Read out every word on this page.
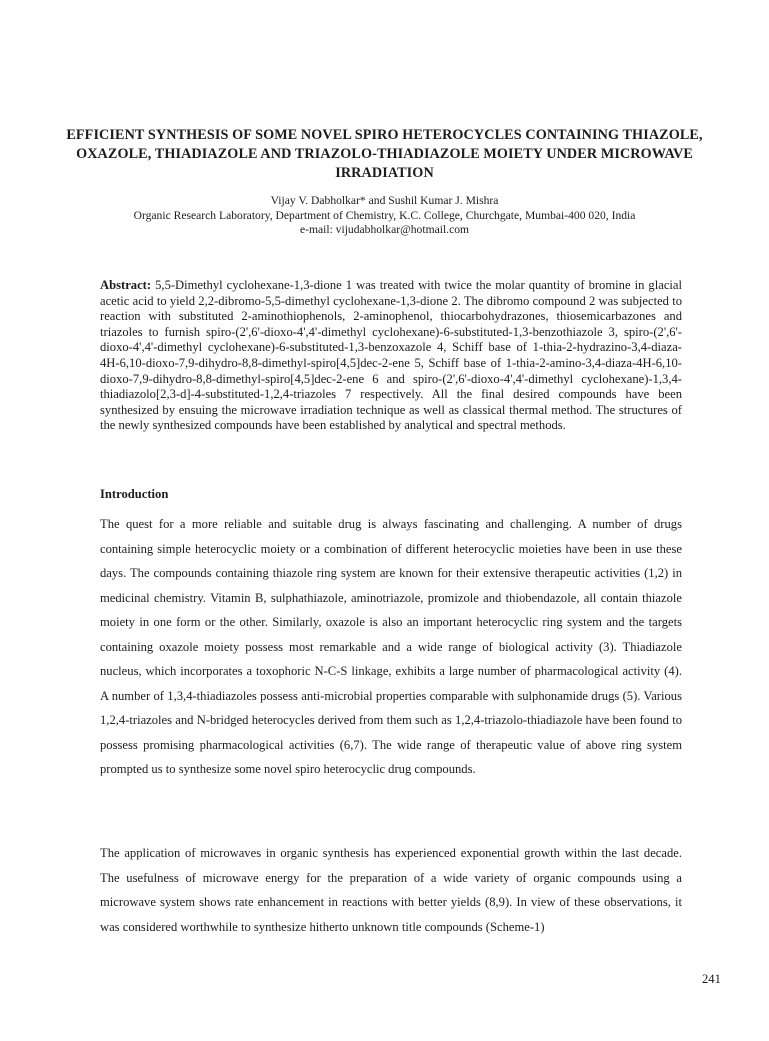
EFFICIENT SYNTHESIS OF SOME NOVEL SPIRO HETEROCYCLES CONTAINING THIAZOLE, OXAZOLE, THIADIAZOLE AND TRIAZOLO-THIADIAZOLE MOIETY UNDER MICROWAVE IRRADIATION
Vijay V. Dabholkar* and Sushil Kumar J. Mishra
Organic Research Laboratory, Department of Chemistry, K.C. College, Churchgate, Mumbai-400 020, India
e-mail: vijudabholkar@hotmail.com
Abstract: 5,5-Dimethyl cyclohexane-1,3-dione 1 was treated with twice the molar quantity of bromine in glacial acetic acid to yield 2,2-dibromo-5,5-dimethyl cyclohexane-1,3-dione 2. The dibromo compound 2 was subjected to reaction with substituted 2-aminothiophenols, 2-aminophenol, thiocarbohydrazones, thiosemicarbazones and triazoles to furnish spiro-(2',6'-dioxo-4',4'-dimethyl cyclohexane)-6-substituted-1,3-benzothiazole 3, spiro-(2',6'-dioxo-4',4'-dimethyl cyclohexane)-6-substituted-1,3-benzoxazole 4, Schiff base of 1-thia-2-hydrazino-3,4-diaza-4H-6,10-dioxo-7,9-dihydro-8,8-dimethyl-spiro[4,5]dec-2-ene 5, Schiff base of 1-thia-2-amino-3,4-diaza-4H-6,10-dioxo-7,9-dihydro-8,8-dimethyl-spiro[4,5]dec-2-ene 6 and spiro-(2',6'-dioxo-4',4'-dimethyl cyclohexane)-1,3,4-thiadiazolo[2,3-d]-4-substituted-1,2,4-triazoles 7 respectively. All the final desired compounds have been synthesized by ensuing the microwave irradiation technique as well as classical thermal method. The structures of the newly synthesized compounds have been established by analytical and spectral methods.
Introduction
The quest for a more reliable and suitable drug is always fascinating and challenging. A number of drugs containing simple heterocyclic moiety or a combination of different heterocyclic moieties have been in use these days. The compounds containing thiazole ring system are known for their extensive therapeutic activities (1,2) in medicinal chemistry. Vitamin B, sulphathiazole, aminotriazole, promizole and thiobendazole, all contain thiazole moiety in one form or the other. Similarly, oxazole is also an important heterocyclic ring system and the targets containing oxazole moiety possess most remarkable and a wide range of biological activity (3). Thiadiazole nucleus, which incorporates a toxophoric N-C-S linkage, exhibits a large number of pharmacological activity (4). A number of 1,3,4-thiadiazoles possess anti-microbial properties comparable with sulphonamide drugs (5). Various 1,2,4-triazoles and N-bridged heterocycles derived from them such as 1,2,4-triazolo-thiadiazole have been found to possess promising pharmacological activities (6,7). The wide range of therapeutic value of above ring system prompted us to synthesize some novel spiro heterocyclic drug compounds.
The application of microwaves in organic synthesis has experienced exponential growth within the last decade. The usefulness of microwave energy for the preparation of a wide variety of organic compounds using a microwave system shows rate enhancement in reactions with better yields (8,9). In view of these observations, it was considered worthwhile to synthesize hitherto unknown title compounds (Scheme-1)
241
